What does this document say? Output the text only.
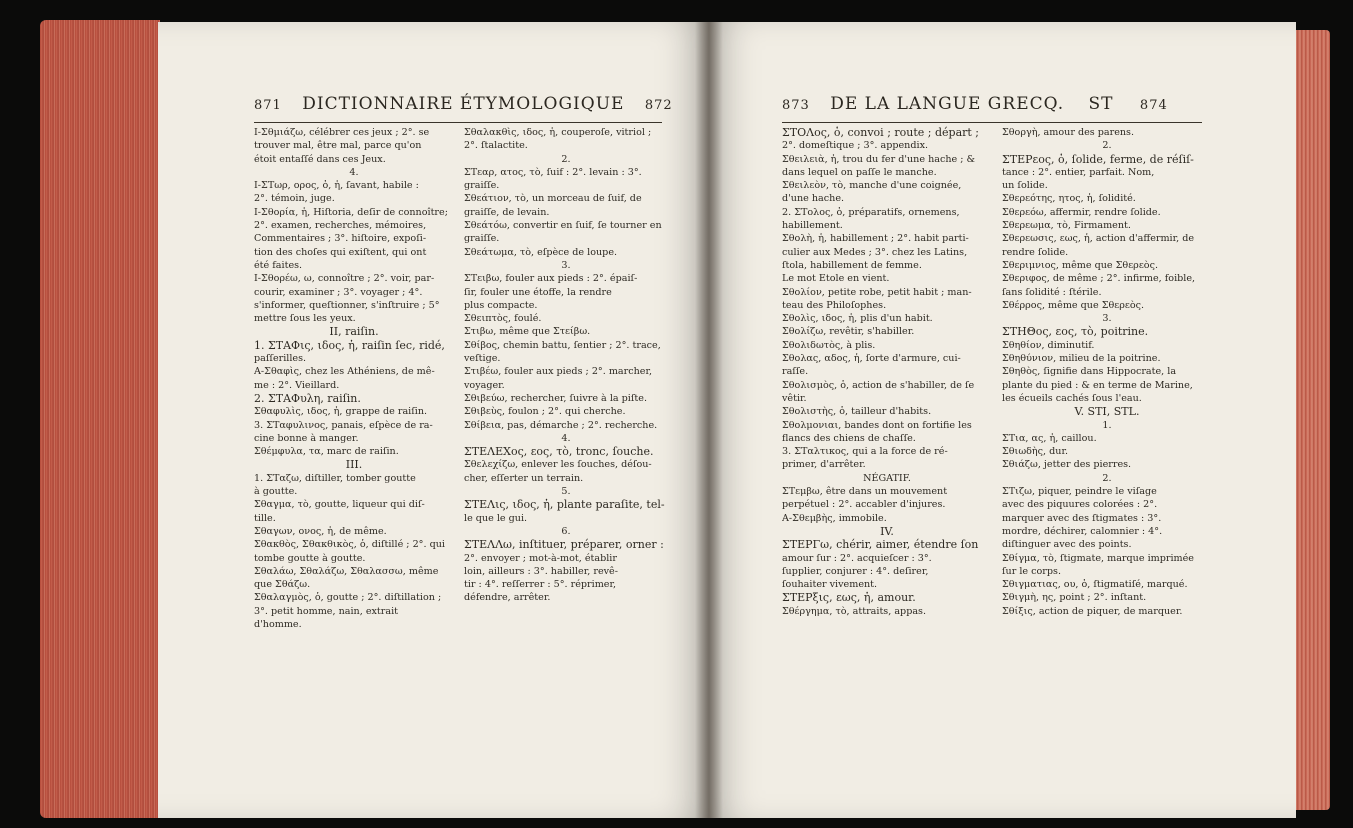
871 DICTIONNAIRE ÉTYMOLOGIQUE 872
Ι-Σθμιάζω, célébrer ces jeux ; 2°. se
trouver mal, être mal, parce qu'on
étoit entaſſé dans ces Jeux.
4.
Ι-ΣΤωρ, ορος, ὁ, ἡ, ſavant, habile :
2°. témoin, juge.
Ι-Σθορία, ἡ, Hiſtoria, deſir de connoître;
2°. examen, recherches, mémoires,
Commentaires ; 3°. hiſtoire, expoſi-
tion des choſes qui exiſtent, qui ont
été faites.
Ι-Σθορέω, ω, connoître ; 2°. voir, par-
courir, examiner ; 3°. voyager ; 4°.
s'informer, queſtionner, s'inſtruire ; 5°
mettre ſous les yeux.
II, raiſin.
1. ΣΤΑΦις, ιδος, ἡ, raiſin ſec, ridé,
paſſerilles.
Α-Σθαφὶς, chez les Athéniens, de mê-
me : 2°. Vieillard.
2. ΣΤΑΦυλη, raiſin.
Σθαφυλὶς, ιδος, ἡ, grappe de raiſin.
3. ΣΤαφυλινος, panais, eſpèce de ra-
cine bonne à manger.
Σθέμφυλα, τα, marc de raiſin.
III.
1. ΣΤαζω, diſtiller, tomber goutte
à goutte.
Σθαγμα, τὸ, goutte, liqueur qui diſ-
tille.
Σθαγων, ονος, ἡ, de même.
Σθακθὸς, Σθακθικὸς, ὁ, diſtillé ; 2°. qui
tombe goutte à goutte.
Σθαλάω, Σθαλάζω, Σθαλασσω, même
que Σθάζω.
Σθαλαγμὸς, ὁ, goutte ; 2°. diſtillation ;
3°. petit homme, nain, extrait
d'homme.
Σθαλακθὶς, ιδος, ἡ, couperoſe, vitriol ;
2°. ſtalactite.
2.
ΣΤεαρ, ατος, τὸ, ſuif : 2°. levain : 3°.
graiſſe.
Σθεάτιον, τὸ, un morceau de ſuif, de
graiſſe, de levain.
Σθεάτόω, convertir en ſuif, ſe tourner en
graiſſe.
Σθεάτωμα, τὸ, eſpèce de loupe.
3.
ΣΤειβω, fouler aux pieds : 2°. épaiſ-
ſir, fouler une étoffe, la rendre
plus compacte.
Σθειπτὸς, foulé.
Στιβω, même que Στείβω.
Σθίβος, chemin battu, ſentier ; 2°. trace,
veſtige.
Στιβέω, fouler aux pieds ; 2°. marcher,
voyager.
Σθιβεύω, rechercher, ſuivre à la piſte.
Σθιβεὺς, foulon ; 2°. qui cherche.
Σθίβεια, pas, démarche ; 2°. recherche.
4.
ΣΤΕΛΕΧος, εος, τὸ, tronc, ſouche.
Σθελεχίζω, enlever les ſouches, déſou-
cher, eſſerter un terrain.
5.
ΣΤΕΛις, ιδος, ἡ, plante paraſite, tel-
le que le gui.
6.
ΣΤΕΛΛω, inſtituer, préparer, orner :
2°. envoyer ; mot-à-mot, établir
loin, ailleurs : 3°. habiller, revê-
tir : 4°. reſſerrer : 5°. réprimer,
défendre, arrêter.
873 DE LA LANGUE GRECQ. ST 874
ΣΤΟΛος, ὁ, convoi ; route ; départ ;
2°. domeſtique ; 3°. appendix.
Σθειλειὰ, ἡ, trou du fer d'une hache ; &
dans lequel on paſſe le manche.
Σθειλεὸν, τὸ, manche d'une coignée,
d'une hache.
2. ΣΤολος, ὁ, préparatifs, ornemens,
habillement.
Σθολὴ, ἡ, habillement ; 2°. habit parti-
culier aux Medes ; 3°. chez les Latins,
ſtola, habillement de femme.
Le mot Etole en vient.
Σθολίον, petite robe, petit habit ; man-
teau des Philoſophes.
Σθολὶς, ιδος, ἡ, plis d'un habit.
Σθολίζω, revêtir, s'habiller.
Σθολιδωτὸς, à plis.
Σθολας, αδος, ἡ, ſorte d'armure, cui-
raſſe.
Σθολισμὸς, ὁ, action de s'habiller, de ſe
vêtir.
Σθολιστὴς, ὁ, tailleur d'habits.
Σθολμονιαι, bandes dont on fortifie les
flancs des chiens de chaſſe.
3. ΣΤαλτικος, qui a la force de ré-
primer, d'arrêter.
NÉGATIF.
ΣΤεμβω, être dans un mouvement
perpétuel : 2°. accabler d'injures.
Α-Σθεμβὴς, immobile.
IV.
ΣΤΕΡΓω, chérir, aimer, étendre ſon
amour ſur : 2°. acquieſcer : 3°.
ſupplier, conjurer : 4°. deſirer,
ſouhaiter vivement.
ΣΤΕΡξις, εως, ἡ, amour.
Σθέργημα, τὸ, attraits, appas.
Σθοργὴ, amour des parens.
2.
ΣΤΕΡεος, ὁ, ſolide, ferme, de réſiſ-
tance : 2°. entier, parfait. Nom,
un ſolide.
Σθερεότης, ητος, ἡ, ſolidité.
Σθερεόω, affermir, rendre ſolide.
Σθερεωμα, τὸ, Firmament.
Σθερεωσις, εως, ἡ, action d'affermir, de
rendre ſolide.
Σθεριμνιος, même que Σθερεὸς.
Σθεριφος, de même ; 2°. infirme, foible,
ſans ſolidité : ſtérile.
Σθέρρος, même que Σθερεὸς.
3.
ΣΤΗΘος, εος, τὸ, poitrine.
Σθηθίον, diminutif.
Σθηθύνιον, milieu de la poitrine.
Σθηθὸς, ſignifie dans Hippocrate, la
plante du pied : & en terme de Marine,
les écueils cachés ſous l'eau.
V. STI, STL.
1.
ΣΤια, ας, ἡ, caillou.
Σθιωδὴς, dur.
Σθιάζω, jetter des pierres.
2.
ΣΤιζω, piquer, peindre le viſage
avec des piquures colorées : 2°.
marquer avec des ſtigmates : 3°.
mordre, déchirer, calomnier : 4°.
diſtinguer avec des points.
Σθίγμα, τὸ, ſtigmate, marque imprimée
ſur le corps.
Σθιγματιας, ου, ὁ, ſtigmatiſé, marqué.
Σθιγμὴ, ης, point ; 2°. inſtant.
Σθίξις, action de piquer, de marquer.
